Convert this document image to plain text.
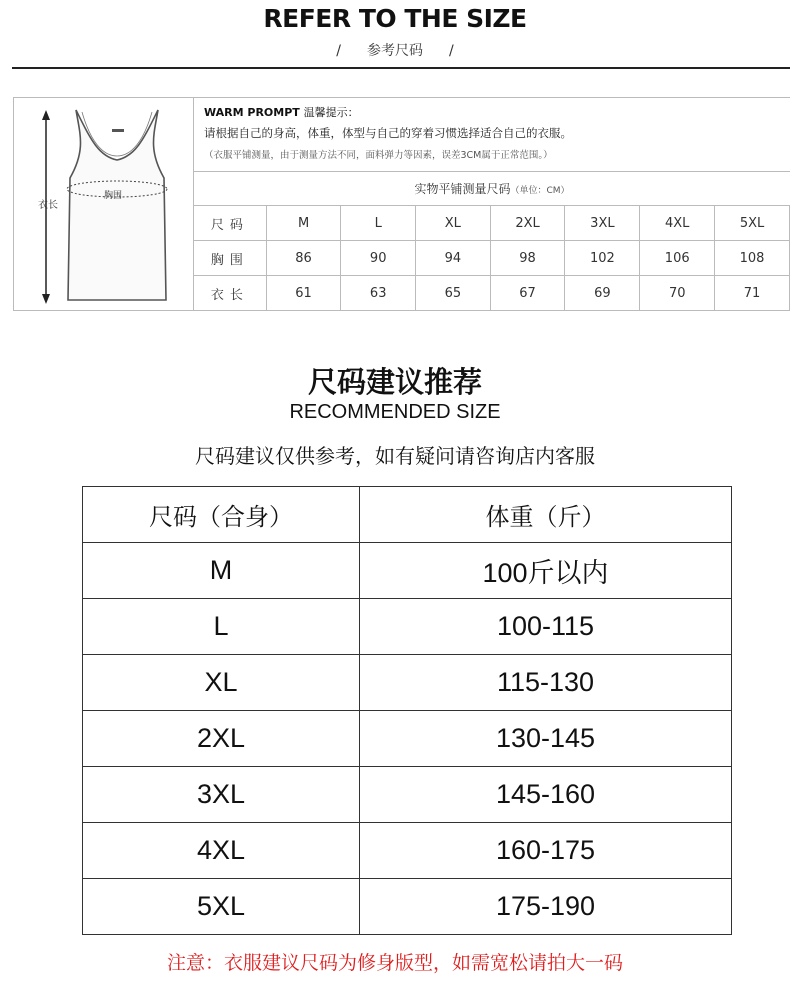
REFER TO THE SIZE
/ 参考尺码 /
衣长
胸围
WARM PROMPT 温馨提示：
请根据自己的身高，体重，体型与自己的穿着习惯选择适合自己的衣服。
（衣服平铺测量，由于测量方法不同，面料弹力等因素，误差3CM属于正常范围。）
实物平铺测量尺码（单位：CM）
尺码	M	L	XL	2XL	3XL	4XL	5XL
胸围	86	90	94	98	102	106	108
衣长	61	63	65	67	69	70	71
尺码建议推荐
RECOMMENDED SIZE
尺码建议仅供参考，如有疑问请咨询店内客服
尺码（合身）	体重（斤）
M	100斤以内
L	100-115
XL	115-130
2XL	130-145
3XL	145-160
4XL	160-175
5XL	175-190
注意：衣服建议尺码为修身版型，如需宽松请拍大一码
